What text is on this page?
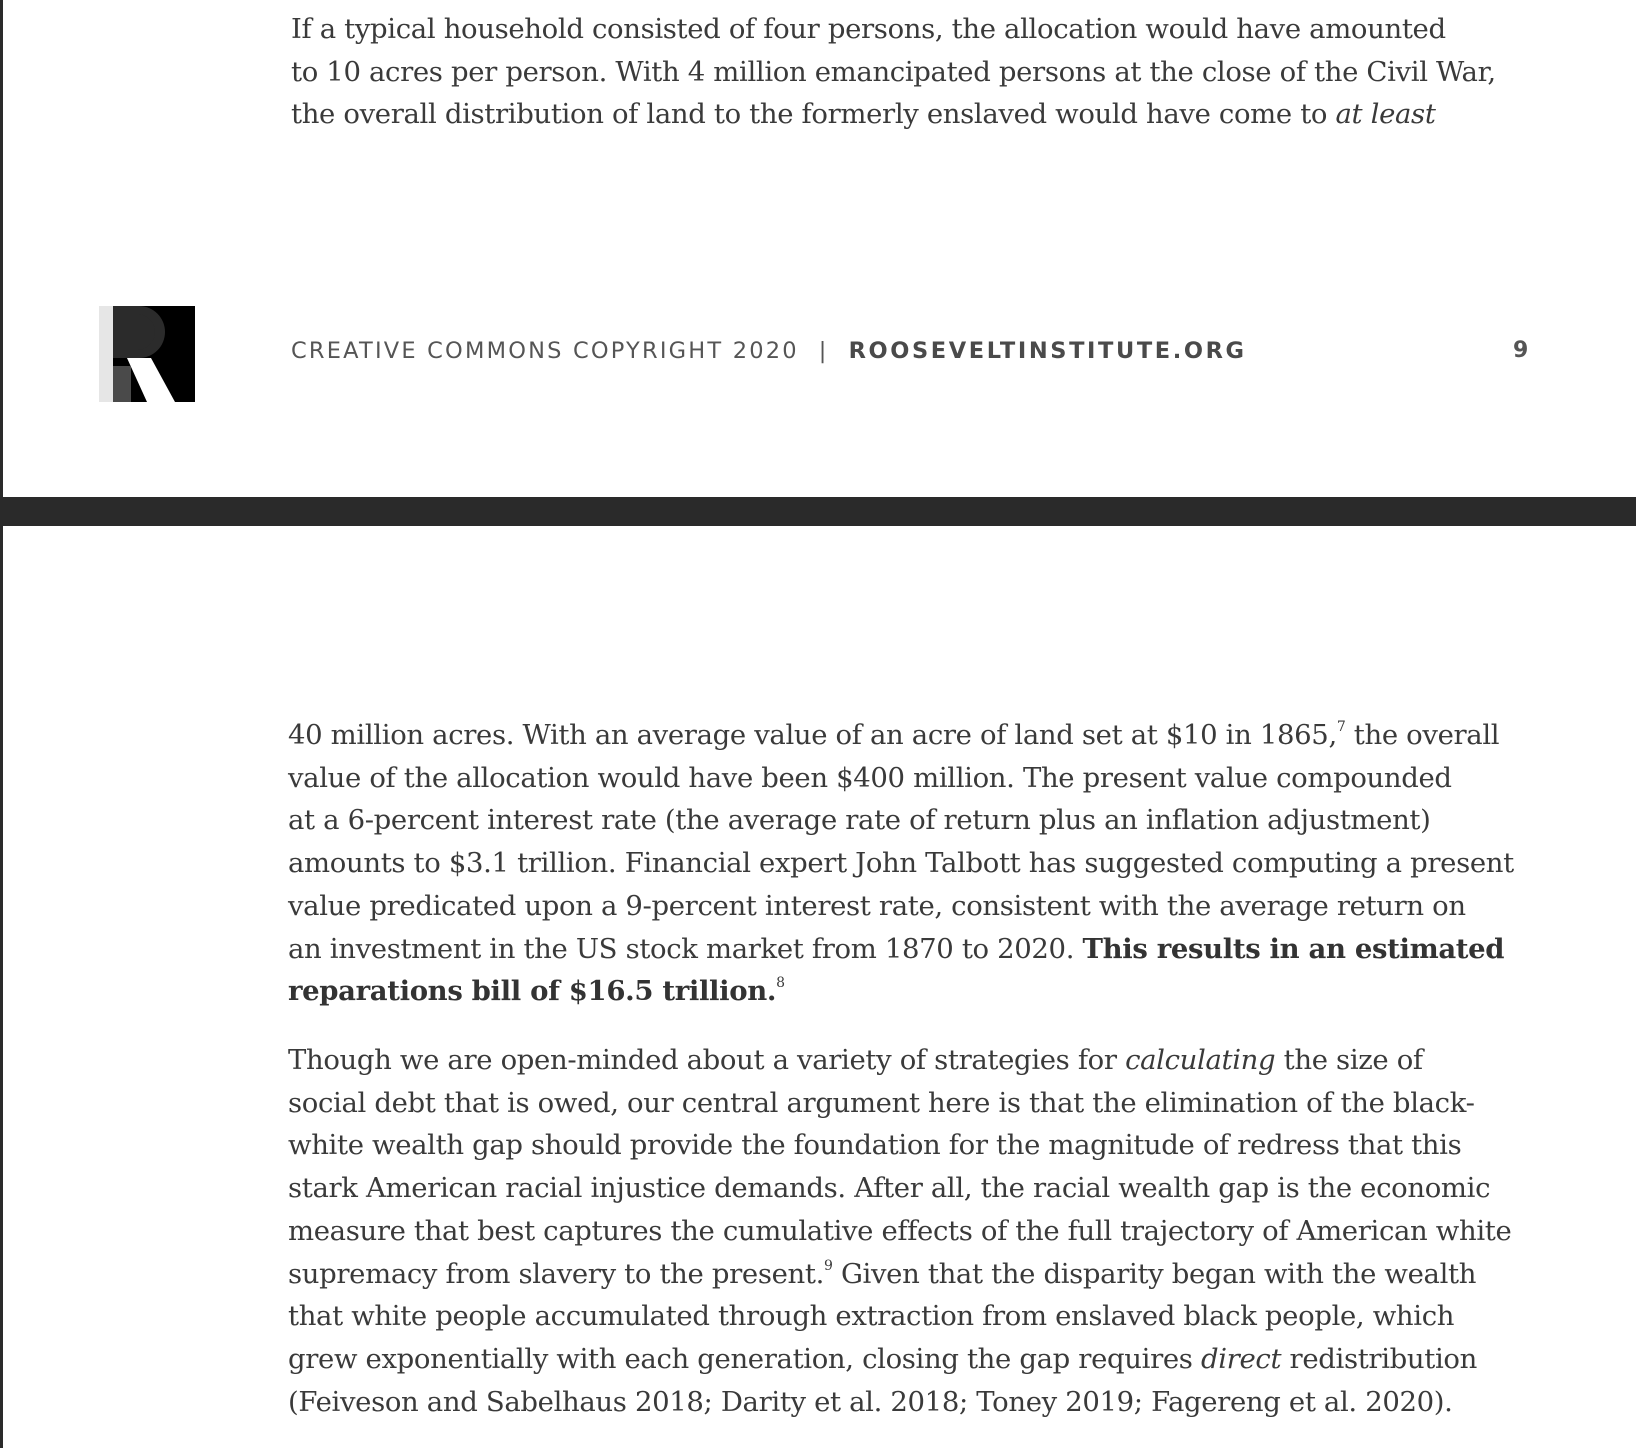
If a typical household consisted of four persons, the allocation would have amounted
to 10 acres per person. With 4 million emancipated persons at the close of the Civil War,
the overall distribution of land to the formerly enslaved would have come to at least
CREATIVE COMMONS COPYRIGHT 2020 | ROOSEVELTINSTITUTE.ORG	9
40 million acres. With an average value of an acre of land set at $10 in 1865,$^7$ the overall
value of the allocation would have been $400 million. The present value compounded
at a 6-percent interest rate (the average rate of return plus an inflation adjustment)
amounts to $3.1 trillion. Financial expert John Talbott has suggested computing a present
value predicated upon a 9-percent interest rate, consistent with the average return on
an investment in the US stock market from 1870 to 2020. This results in an estimated
reparations bill of $16.5 trillion.$^8$
Though we are open-minded about a variety of strategies for calculating the size of
social debt that is owed, our central argument here is that the elimination of the black-
white wealth gap should provide the foundation for the magnitude of redress that this
stark American racial injustice demands. After all, the racial wealth gap is the economic
measure that best captures the cumulative effects of the full trajectory of American white
supremacy from slavery to the present.$^9$ Given that the disparity began with the wealth
that white people accumulated through extraction from enslaved black people, which
grew exponentially with each generation, closing the gap requires direct redistribution
(Feiveson and Sabelhaus 2018; Darity et al. 2018; Toney 2019; Fagereng et al. 2020).
